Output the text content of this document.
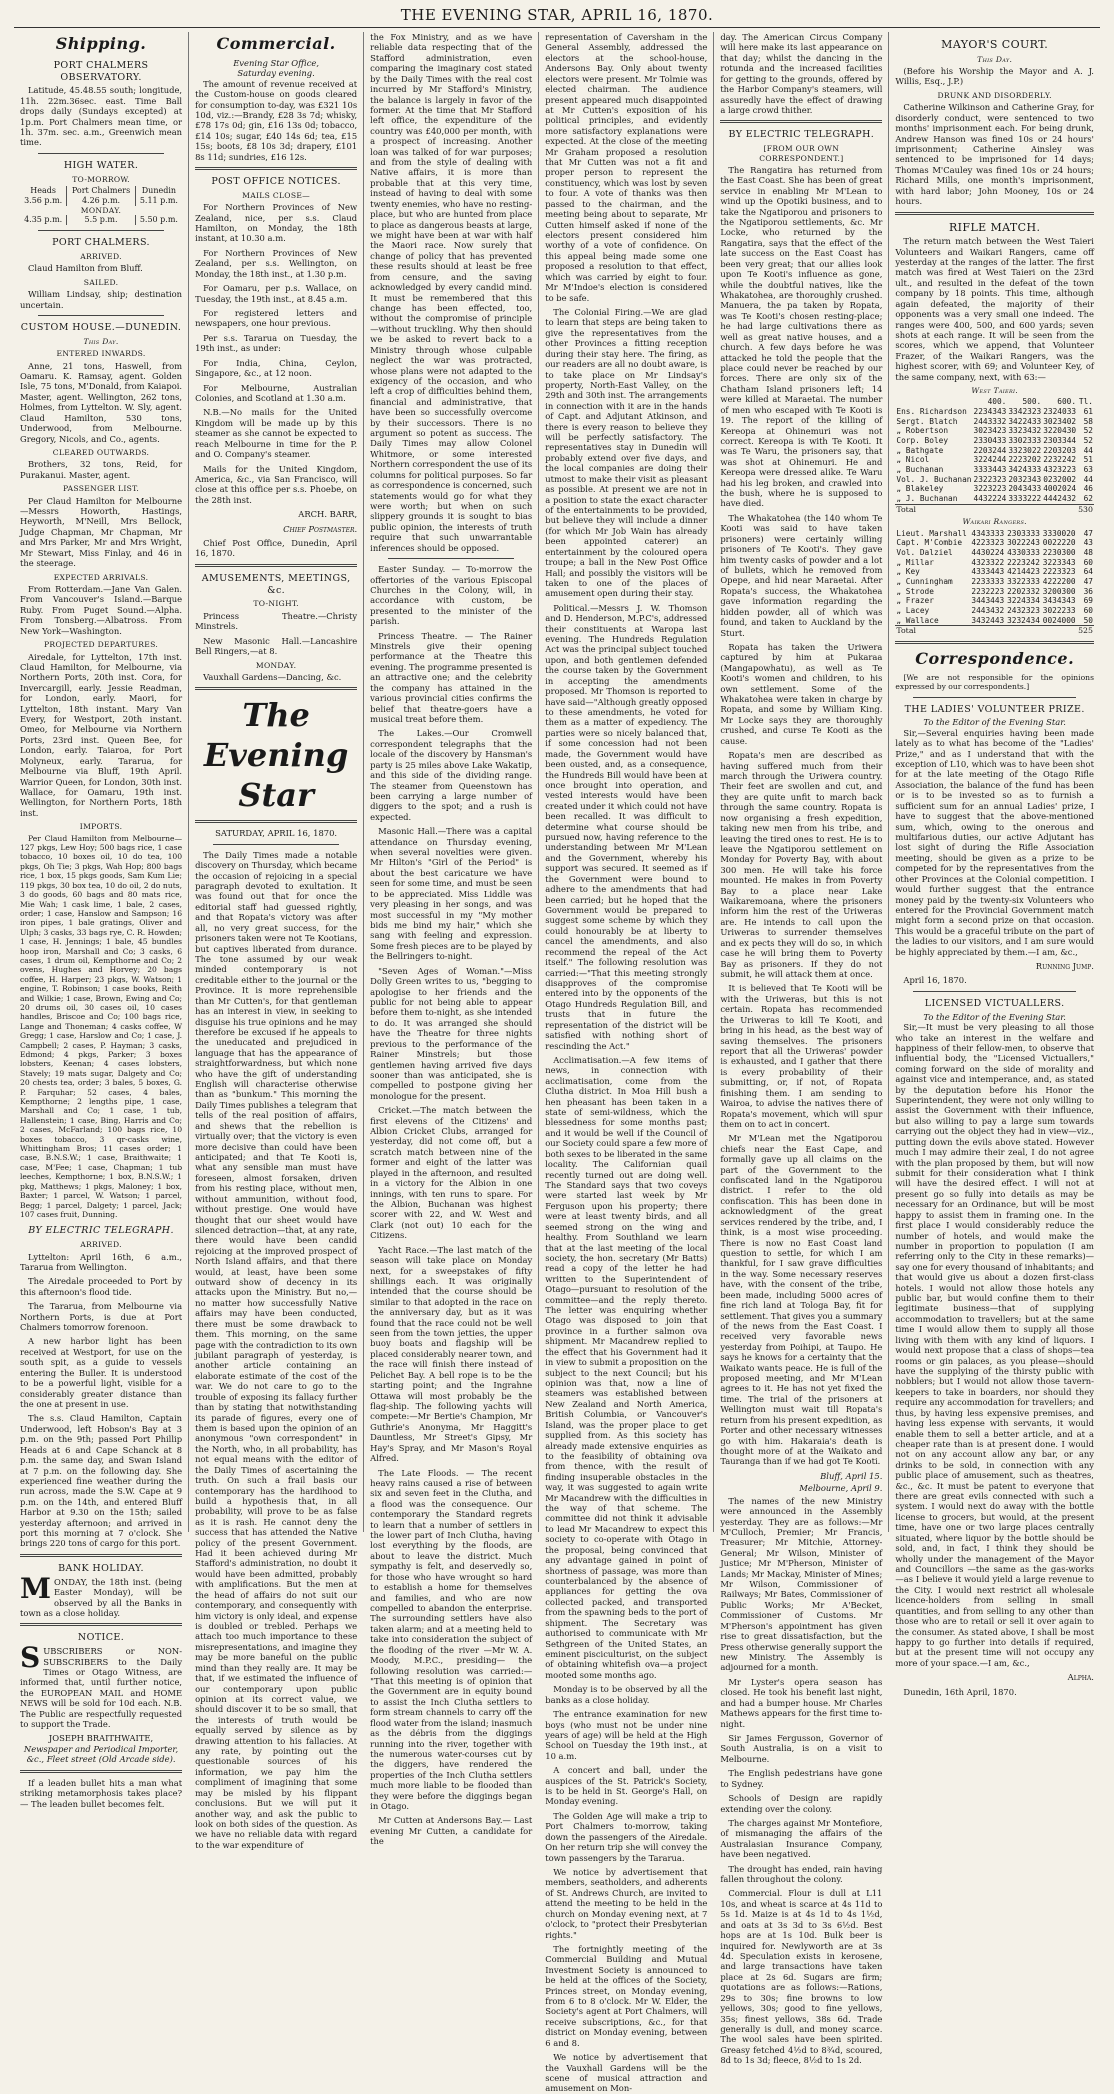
THE EVENING STAR, APRIL 16, 1870.
Shipping.
PORT CHALMERS OBSERVATORY.

Latitude, 45.48.55 south; longitude, 11h. 22m.36sec. east. Time Ball drops daily (Sundays excepted) at 1p.m. Port Chalmers mean time, or 1h. 37m. sec. a.m., Greenwich mean time.

HIGH WATER.
TO-MORROW.
Heads	Port Chalmers	Dunedin
3.56 p.m.	4.26 p.m.	5.11 p.m.
MONDAY.		
4.35 p.m.	5.5 p.m.	5.50 p.m.
PORT CHALMERS.
ARRIVED.

Claud Hamilton from Bluff.

SAILED.

William Lindsay, ship; destination uncertain.

CUSTOM HOUSE.—DUNEDIN.
This Day.
ENTERED INWARDS.

Anne, 21 tons, Haswell, from Oamaru. K. Ramsay, agent. Golden Isle, 75 tons, M'Donald, from Kaiapoi. Master, agent. Wellington, 262 tons, Holmes, from Lyttelton. W. Sly, agent. Claud Hamilton, 530 tons, Underwood, from Melbourne. Gregory, Nicols, and Co., agents.

CLEARED OUTWARDS.

Brothers, 32 tons, Reid, for Purakanui. Master, agent.

PASSENGER LIST.

Per Claud Hamilton for Melbourne—Messrs Howorth, Hastings, Heyworth, M'Neill, Mrs Bellock, Judge Chapman, Mr Chapman, Mr and Mrs Parker, Mr and Mrs Wright, Mr Stewart, Miss Finlay, and 46 in the steerage.

EXPECTED ARRIVALS.

From Rotterdam.—Jane Van Galen. From Vancouver's Island.—Barque Ruby. From Puget Sound.—Alpha. From Tonsberg.—Albatross. From New York—Washington.

PROJECTED DEPARTURES.

Airedale, for Lyttelton, 17th inst. Claud Hamilton, for Melbourne, via Northern Ports, 20th inst. Cora, for Invercargill, early. Jessie Readman, for London, early. Maori, for Lyttelton, 18th instant. Mary Van Every, for Westport, 20th instant. Omeo, for Melbourne via Northern Ports, 23rd inst. Queen Bee, for London, early. Taiaroa, for Port Molyneux, early. Tararua, for Melbourne via Bluff, 19th April. Warrior Queen, for London, 30th inst. Wallace, for Oamaru, 19th inst. Wellington, for Northern Ports, 18th inst.

IMPORTS.

Per Claud Hamilton from Melbourne—127 pkgs, Lew Hoy; 500 bags rice, 1 case tobacco, 10 boxes oil, 10 do tea, 100 pkgs, Oh Tie; 3 pkgs, Wah Hop; 800 bags rice, 1 box, 15 pkgs goods, Sam Kum Lie; 119 pkgs, 30 box tea, 10 do oil, 2 do nuts, 3 do goods, 60 bags and 80 mats rice, Mie Wah; 1 cask lime, 1 bale, 2 cases, order; 1 case, Hanslow and Sampson; 16 iron pipes, 1 bale gratings, Oliver and Ulph; 3 casks, 33 bags rye, C. R. Howden; 1 case, H. Jennings; 1 bale, 45 bundles hoop iron, Marshall and Co; 3 casks, 6 cases, 1 drum oil, Kempthorne and Co; 2 ovens, Hughes and Horvey; 20 bags coffee, H. Harper; 23 pkgs, W. Watson; 1 engine, T. Robinson; 1 case books, Reith and Wilkie; 1 case, Brown, Ewing and Co; 20 drums oil, 30 cases oil, 10 cases handles, Briscoe and Co; 100 bags rice, Lange and Thoneman; 4 casks coffee, W Gregg; 1 case, Harslow and Co; 1 case, J. Campbell; 2 cases, P. Hayman; 3 casks, Edmond; 4 pkgs, Parker; 3 boxes lobsters, Keenan; 4 cases lobsters, Stavely; 19 mats sugar, Dalgety and Co; 20 chests tea, order; 3 bales, 5 boxes, G. P. Farquhar; 52 cases, 4 bales, Kempthorne; 2 lengths pipe, 1 case, Marshall and Co; 1 case, 1 tub, Hallenstein; 1 case, Bing, Harris and Co; 2 cases, McFarland; 100 bags rice, 10 boxes tobacco, 3 qr-casks wine, Whittingham Bros; 11 cases order; 1 case, B.N.S.W.; 1 case, Braithwaite; 1 case, M'Fee; 1 case, Chapman; 1 tub leeches, Kempthorne; 1 box, B.N.S.W.; 1 pkg, Matthews; 1 pkgs, Maloney; 1 box, Baxter; 1 parcel, W. Watson; 1 parcel, Begg; 1 parcel, Dalgety; 1 parcel, Jack; 107 cases fruit, Dunning.

BY ELECTRIC TELEGRAPH.
ARRIVED.

Lyttelton: April 16th, 6 a.m., Tararua from Wellington.

The Airedale proceeded to Port by this afternoon's flood tide.

The Tararua, from Melbourne via Northern Ports, is due at Port Chalmers tomorrow forenoon.

A new harbor light has been received at Westport, for use on the south spit, as a guide to vessels entering the Buller. It is understood to be a powerful light, visible for a considerably greater distance than the one at present in use.

The s.s. Claud Hamilton, Captain Underwood, left Hobson's Bay at 3 p.m. on the 9th; passed Port Phillip Heads at 6 and Cape Schanck at 8 p.m. the same day, and Swan Island at 7 p.m. on the following day. She experienced fine weather during the run across, made the S.W. Cape at 9 p.m. on the 14th, and entered Bluff Harbor at 9.30 on the 15th; sailed yesterday afternoon; and arrived in port this morning at 7 o'clock. She brings 220 tons of cargo for this port.

BANK HOLIDAY.

MONDAY, the 18th inst. (being Easter Monday), will be observed by all the Banks in town as a close holiday.

NOTICE.

SUBSCRIBERS or NON-SUBSCRIBERS to the Daily Times or Otago Witness, are informed that, until further notice, the EUROPEAN MAIL and HOME NEWS will be sold for 10d each. N.B. The Public are respectfully requested to support the Trade.

JOSEPH BRAITHWAITE,
Newspaper and Periodical Importer, &c., Fleet street (Old Arcade side).

If a leaden bullet hits a man what striking metamorphosis takes place?— The leaden bullet becomes felt.

Commercial.
Evening Star Office,
Saturday evening.

The amount of revenue received at the Custom-house on goods cleared for consumption to-day, was £321 10s 10d, viz.:—Brandy, £28 3s 7d; whisky, £78 17s 0d; gin, £16 13s 0d; tobacco, £14 10s; sugar, £40 14s 6d; tea, £15 15s; boots, £8 10s 3d; drapery, £101 8s 11d; sundries, £16 12s.

POST OFFICE NOTICES.
MAILS CLOSE—

For Northern Provinces of New Zealand, nice, per s.s. Claud Hamilton, on Monday, the 18th instant, at 10.30 a.m.

For Northern Provinces of New Zealand, per s.s. Wellington, on Monday, the 18th inst., at 1.30 p.m.

For Oamaru, per p.s. Wallace, on Tuesday, the 19th inst., at 8.45 a.m.

For registered letters and newspapers, one hour previous.

Per s.s. Tararua on Tuesday, the 19th inst., as under:

For India, China, Ceylon, Singapore, &c., at 12 noon.

For Melbourne, Australian Colonies, and Scotland at 1.30 a.m.

N.B.—No mails for the United Kingdom will be made up by this steamer as she cannot be expected to reach Melbourne in time for the P. and O. Company's steamer.

Mails for the United Kingdom, America, &c., via San Francisco, will close at this office per s.s. Phoebe, on the 28th inst.

ARCH. BARR,
Chief Postmaster.

Chief Post Office, Dunedin, April 16, 1870.

AMUSEMENTS, MEETINGS, &c.
TO-NIGHT.

Princess Theatre.—Christy Minstrels.

New Masonic Hall.—Lancashire Bell Ringers,—at 8.

MONDAY.

Vauxhall Gardens—Dancing, &c.

The Evening Star
SATURDAY, APRIL 16, 1870.

The Daily Times made a notable discovery on Thursday, which became the occasion of rejoicing in a special paragraph devoted to exultation. It was found out that for once the editorial staff had guessed rightly, and that Ropata's victory was after all, no very great success, for the prisoners taken were not Te Kootians, but captives liberated from durance. The tone assumed by our weak minded contemporary is not creditable either to the journal or the Province. It is more reprehensible than Mr Cutten's, for that gentleman has an interest in view, in seeking to disguise his true opinions and he may therefore be excused if he appeals to the uneducated and prejudiced in language that has the appearance of straightforwardness, but which none who have the gift of understanding English will characterise otherwise than as "bunkum." This morning the Daily Times publishes a telegram that tells of the real position of affairs, and shews that the rebellion is virtually over; that the victory is even more decisive than could have been anticipated; and that Te Kooti is, what any sensible man must have foreseen, almost forsaken, driven from his resting place, without men, without ammunition, without food, without prestige. One would have thought that our sheet would have silenced detraction—that, at any rate, there would have been candid rejoicing at the improved prospect of North Island affairs, and that there would, at least, have been some outward show of decency in its attacks upon the Ministry. But no,—no matter how successfully Native affairs may have been conducted, there must be some drawback to them. This morning, on the same page with the contradiction to its own jubilant paragraph of yesterday, is another article containing an elaborate estimate of the cost of the war. We do not care to go to the trouble of exposing its fallacy further than by stating that notwithstanding its parade of figures, every one of them is based upon the opinion of an anonymous "own correspondent" in the North, who, in all probability, has not equal means with the editor of the Daily Times of ascertaining the truth. On such a frail basis our contemporary has the hardihood to build a hypothesis that, in all probability, will prove to be as false as it is rash. He cannot deny the success that has attended the Native policy of the present Government. Had it been achieved during Mr Stafford's administration, no doubt it would have been admitted, probably with amplifications. But the men at the head of affairs do not suit our contemporary, and consequently with him victory is only ideal, and expense is doubled or trebled. Perhaps we attach too much importance to these misrepresentations, and imagine they may be more baneful on the public mind than they really are. It may be that, if we estimated the influence of our contemporary upon public opinion at its correct value, we should discover it to be so small, that the interests of truth would be equally served by silence as by drawing attention to his fallacies. At any rate, by pointing out the questionable sources of his information, we pay him the compliment of imagining that some may be misled by his flippant conclusions. But we will put it another way, and ask the public to look on both sides of the question. As we have no reliable data with regard to the war expenditure of

the Fox Ministry, and as we have reliable data respecting that of the Stafford administration, even comparing the imaginary cost stated by the Daily Times with the real cost incurred by Mr Stafford's Ministry, the balance is largely in favor of the former. At the time that Mr Stafford left office, the expenditure of the country was £40,000 per month, with a prospect of increasing. Another loan was talked of for war purposes; and from the style of dealing with Native affairs, it is more than probable that at this very time, instead of having to deal with some twenty enemies, who have no resting-place, but who are hunted from place to place as dangerous beasts at large, we might have been at war with half the Maori race. Now surely that change of policy that has prevented these results should at least be free from censure, and the saving acknowledged by every candid mind. It must be remembered that this change has been effected, too, without the compromise of principle—without truckling. Why then should we be asked to revert back to a Ministry through whose culpable neglect the war was protracted, whose plans were not adapted to the exigency of the occasion, and who left a crop of difficulties behind them, financial and administrative, that have been so successfully overcome by their successors. There is no argument so potent as success. The Daily Times may allow Colonel Whitmore, or some interested Northern correspondent the use of its columns for political purposes. So far as correspondence is concerned, such statements would go for what they were worth; but when on such slippery grounds it is sought to bias public opinion, the interests of truth require that such unwarrantable inferences should be opposed.

Easter Sunday. — To-morrow the offertories of the various Episcopal Churches in the Colony, will, in accordance with custom, be presented to the minister of the parish.

Princess Theatre. — The Rainer Minstrels give their opening performance at the Theatre this evening. The programme presented is an attractive one; and the celebrity the company has attained in the various provincial cities confirms the belief that theatre-goers have a musical treat before them.

The Lakes.—Our Cromwell correspondent telegraphs that the locale of the discovery by Hansman's party is 25 miles above Lake Wakatip, and this side of the dividing range. The steamer from Queenstown has been carrying a large number of diggers to the spot; and a rush is expected.

Masonic Hall.—There was a capital attendance on Thursday evening, when several novelties were given. Mr Hilton's "Girl of the Period" is about the best caricature we have seen for some time, and must be seen to be appreciated. Miss Liddle was very pleasing in her songs, and was most successful in my "My mother bids me bind my hair," which she sang with feeling and expression. Some fresh pieces are to be played by the Bellringers to-night.

"Seven Ages of Woman."—Miss Dolly Green writes to us, "begging to apologise to her friends and the public for not being able to appear before them to-night, as she intended to do. It was arranged she should have the Theatre for three nights previous to the performance of the Rainer Minstrels; but those gentlemen having arrived five days sooner than was anticipated, she is compelled to postpone giving her monologue for the present.

Cricket.—The match between the first elevens of the Citizens' and Albion Cricket Clubs, arranged for yesterday, did not come off, but a scratch match between nine of the former and eight of the latter was played in the afternoon, and resulted in a victory for the Albion in one innings, with ten runs to spare. For the Albion, Buchanan was highest scorer with 22, and W. West and Clark (not out) 10 each for the Citizens.

Yacht Race.—The last match of the season will take place on Monday next, for a sweepstakes of fifty shillings each. It was originally intended that the course should be similar to that adopted in the race on the anniversary day, but as it was found that the race could not be well seen from the town jetties, the upper buoy boats and flagship will be placed considerably nearer town, and the race will finish there instead of Pelichet Bay. A bell rope is to be the starting point; and the Ingrahne Ottawa will most probably be the flag-ship. The following yachts will compete:—Mr Bertie's Champion, Mr Guthrie's Anonyma, Mr Haggitt's Dauntless, Mr Street's Gipsy, Mr Hay's Spray, and Mr Mason's Royal Alfred.

The Late Floods. — The recent heavy rains caused a rise of between six and seven feet in the Clutha, and a flood was the consequence. Our contemporary the Standard regrets to learn that a number of settlers in the lower part of Inch Clutha, having lost everything by the floods, are about to leave the district. Much sympathy is felt, and deservedly so, for those who have wrought so hard to establish a home for themselves and families, and who are now compelled to abandon the enterprise. The surrounding settlers have also taken alarm; and at a meeting held to take into consideration the subject of the flooding of the river —Mr W. A. Moody, M.P.C., presiding— the following resolution was carried:— "That this meeting is of opinion that the Government are in equity bound to assist the Inch Clutha settlers to form stream channels to carry off the flood water from the island; inasmuch as the débris from the diggings running into the river, together with the numerous water-courses cut by the diggers, have rendered the properties of the Inch Clutha settlers much more liable to be flooded than they were before the diggings began in Otago.

Mr Cutten at Andersons Bay.— Last evening Mr Cutten, a candidate for the

representation of Caversham in the General Assembly, addressed the electors at the school-house, Andersons Bay. Only about twenty electors were present. Mr Tolmie was elected chairman. The audience present appeared much disappointed at Mr Cutten's exposition of his political principles, and evidently more satisfactory explanations were expected. At the close of the meeting Mr Graham proposed a resolution that Mr Cutten was not a fit and proper person to represent the constituency, which was lost by seven to four. A vote of thanks was then passed to the chairman, and the meeting being about to separate, Mr Cutten himself asked if none of the electors present considered him worthy of a vote of confidence. On this appeal being made some one proposed a resolution to that effect, which was carried by eight to four. Mr M'Indoe's election is considered to be safe.

The Colonial Firing.—We are glad to learn that steps are being taken to give the representatives from the other Provinces a fitting reception during their stay here. The firing, as our readers are all no doubt aware, is to take place on Mr Lindsay's property, North-East Valley, on the 29th and 30th inst. The arrangements in connection with it are in the hands of Capt. and Adjutant Atkinson, and there is every reason to believe they will be perfectly satisfactory. The representatives stay in Dunedin will probably extend over five days, and the local companies are doing their utmost to make their visit as pleasant as possible. At present we are not in a position to state the exact character of the entertainments to be provided, but believe they will include a dinner (for which Mr Job Wain has already been appointed caterer) an entertainment by the coloured opera troupe; a ball in the New Post Office Hall; and possibly the visitors will be taken to one of the places of amusement open during their stay.

Political.—Messrs J. W. Thomson and D. Henderson, M.P.C's, addressed their constituents at Waropa last evening. The Hundreds Regulation Act was the principal subject touched upon, and both gentlemen defended the course taken by the Government in accepting the amendments proposed. Mr Thomson is reported to have said—"Although greatly opposed to these amendments, he voted for them as a matter of expediency. The parties were so nicely balanced that, if some concession had not been made, the Government would have been ousted, and, as a consequence, the Hundreds Bill would have been at once brought into operation, and vested interests would have been created under it which could not have been recalled. It was difficult to determine what course should be pursued now, having reference to the understanding between Mr M'Lean and the Government, whereby his support was secured. It seemed as if the Government were bound to adhere to the amendments that had been carried; but he hoped that the Government would be prepared to suggest some scheme by which they could honourably be at liberty to cancel the amendments, and also recommend the repeal of the Act itself." The following resolution was carried:—"That this meeting strongly disapproves of the compromise entered into by the opponents of the Otago Hundreds Regulation Bill, and trusts that in future the representation of the district will be satisfied with nothing short of rescinding the Act."

Acclimatisation.—A few items of news, in connection with acclimatisation, come from the Clutha district. In Moa Hill bush a hen pheasant has been taken in a state of semi-wildness, which the blessedness for some months past; and it would be well if the Council of our Society could spare a few more of both sexes to be liberated in the same locality. The Californian quail recently turned out are doing well. The Standard says that two coveys were started last week by Mr Ferguson upon his property; there were at least twenty birds, and all seemed strong on the wing and healthy. From Southland we learn that at the last meeting of the local society, the hon. secretary (Mr Batts) read a copy of the letter he had written to the Superintendent of Otago—pursuant to resolution of the committee—and the reply thereto. The letter was enquiring whether Otago was disposed to join that province in a further salmon ova shipment. Mr Macandrew replied to the effect that his Government had it in view to submit a proposition on the subject to the next Council; but his opinion was that, now a line of steamers was established between New Zealand and North America, British Columbia, or Vancouver's Island, was the proper place to get supplied from. As this society has already made extensive enquiries as to the feasibility of obtaining ova from thence, with the result of finding insuperable obstacles in the way, it was suggested to again write Mr Macandrew with the difficulties in the way of that scheme. The committee did not think it advisable to lead Mr Macandrew to expect this society to co-operate with Otago in the proposal, being convinced that any advantage gained in point of shortness of passage, was more than counterbalanced by the absence of appliances for getting the ova collected packed, and transported from the spawning beds to the port of shipment. The Secretary was authorised to communicate with Mr Sethgreen of the United States, an eminent pisciculturist, on the subject of obtaining whitefish ova—a project mooted some months ago.

Monday is to be observed by all the banks as a close holiday.

The entrance examination for new boys (who must not be under nine years of age) will be held at the High School on Tuesday the 19th inst., at 10 a.m.

A concert and ball, under the auspices of the St. Patrick's Society, is to be held in St. George's Hall, on Monday evening.

The Golden Age will make a trip to Port Chalmers to-morrow, taking down the passengers of the Airedale. On her return trip she will convey the town passengers by the Tararua.

We notice by advertisement that members, seatholders, and adherents of St. Andrews Church, are invited to attend the meeting to be held in the church on Monday evening next, at 7 o'clock, to "protect their Presbyterian rights."

The fortnightly meeting of the Commercial Building and Mutual Investment Society is announced to be held at the offices of the Society, Princes street, on Monday evening, from 6 to 8 o'clock. Mr W. Elder, the Society's agent at Port Chalmers, will receive subscriptions, &c., for that district on Monday evening, between 6 and 8.

We notice by advertisement that the Vauxhall Gardens will be the scene of musical attraction and amusement on Mon-

day. The American Circus Company will here make its last appearance on that day; whilst the dancing in the rotunda and the increased facilities for getting to the grounds, offered by the Harbor Company's steamers, will assuredly have the effect of drawing a large crowd thither.

BY ELECTRIC TELEGRAPH.
[FROM OUR OWN CORRESPONDENT.]

The Rangatira has returned from the East Coast. She has been of great service in enabling Mr M'Lean to wind up the Opotiki business, and to take the Ngatiporou and prisoners to the Ngatiporou settlements, &c. Mr Locke, who returned by the Rangatira, says that the effect of the late success on the East Coast has been very great; that our allies look upon Te Kooti's influence as gone, while the doubtful natives, like the Whakatohea, are thoroughly crushed. Manuera, the pa taken by Ropata, was Te Kooti's chosen resting-place; he had large cultivations there as well as great native houses, and a church. A few days before he was attacked he told the people that the place could never be reached by our forces. There are only six of the Chatham Island prisoners left; 14 were killed at Maraetai. The number of men who escaped with Te Kooti is 19. The report of the killing of Kereopa at Ohinemuri was not correct. Kereopa is with Te Kooti. It was Te Waru, the prisoners say, that was shot at Ohinemuri. He and Kereopa were dressed alike. Te Waru had his leg broken, and crawled into the bush, where he is supposed to have died.

The Whakatohea (the 140 whom Te Kooti was said to have taken prisoners) were certainly willing prisoners of Te Kooti's. They gave him twenty casks of powder and a lot of bullets, which he removed from Opepe, and hid near Maraetai. After Ropata's success, the Whakatohea gave information regarding the hidden powder, all of which was found, and taken to Auckland by the Sturt.

Ropata has taken the Uriwera captured by him at Pukaraa (Mangapowhatu), as well as Te Kooti's women and children, to his own settlement. Some of the Whakatohea were taken in charge by Ropata, and some by William King. Mr Locke says they are thoroughly crushed, and curse Te Kooti as the cause.

Ropata's men are described as having suffered much from their march through the Uriwera country. Their feet are swollen and cut, and they are quite unfit to march back through the same country. Ropata is now organising a fresh expedition, taking new men from his tribe, and leaving the tired ones to rest. He is to leave the Ngatiporou settlement on Monday for Poverty Bay, with about 300 men. He will take his force mounted. He makes in from Poverty Bay to a place near Lake Waikaremoana, where the prisoners inform him the rest of the Uriweras are. He intends to call upon the Uriweras to surrender themselves and ex pects they will do so, in which case he will bring them to Poverty Bay as prisoners. If they do not submit, he will attack them at once.

It is believed that Te Kooti will be with the Uriweras, but this is not certain. Ropata has recommended the Uriweras to kill Te Kooti, and bring in his head, as the best way of saving themselves. The prisoners report that all the Uriweras' powder is exhausted, and I gather that there is every probability of their submitting, or, if not, of Ropata finishing them. I am sending to Wairoa, to advise the natives there of Ropata's movement, which will spur them on to act in concert.

Mr M'Lean met the Ngatiporou chiefs near the East Cape, and formally gave up all claims on the part of the Government to the confiscated land in the Ngatiporou district. I refer to the old confiscation. This has been done in acknowledgment of the great services rendered by the tribe, and, I think, is a most wise proceeding. There is now no East Coast land question to settle, for which I am thankful, for I saw grave difficulties in the way. Some necessary reserves have, with the consent of the tribe, been made, including 5000 acres of fine rich land at Tologa Bay, fit for settlement. That gives you a summary of the news from the East Coast. I received very favorable news yesterday from Poihipi, at Taupo. He says he knows for a certainty that the Waikato wants peace. He is full of the proposed meeting, and Mr M'Lean agrees to it. He has not yet fixed the time. The trial of the prisoners at Wellington must wait till Ropata's return from his present expedition, as Porter and other necessary witnesses go with him. Hakaraia's death is thought more of at the Waikato and Tauranga than if we had got Te Kooti.

Bluff, April 15.
Melbourne, April 9.

The names of the new Ministry were announced in the Assembly yesterday. They are as follows:—Mr M'Culloch, Premier; Mr Francis, Treasurer; Mr Mitchie, Attorney-General; Mr Wilson, Minister of Justice; Mr M'Pherson, Minister of Lands; Mr Mackay, Minister of Mines; Mr Wilson, Commissioner of Railways; Mr Bates, Commissioner of Public Works; Mr A'Becket, Commissioner of Customs. Mr M'Pherson's appointment has given rise to great dissatisfaction, but the Press otherwise generally support the new Ministry. The Assembly is adjourned for a month.

Mr Lyster's opera season has closed. He took his benefit last night, and had a bumper house. Mr Charles Mathews appears for the first time to-night.

Sir James Fergusson, Governor of South Australia, is on a visit to Melbourne.

The English pedestrians have gone to Sydney.

Schools of Design are rapidly extending over the colony.

The charges against Mr Montefiore, of mismanaging the affairs of the Australasian Insurance Company, have been negatived.

The drought has ended, rain having fallen throughout the colony.

Commercial. Flour is dull at L11 10s, and wheat is scarce at 4s 11d to 5s 1d. Maize is at 4s 1d to 4s 1½d, and oats at 3s 3d to 3s 6½d. Best hops are at 1s 10d. Bulk beer is inquired for. Newlyworth are at 3s 4d. Speculation exists in kerosene, and large transactions have taken place at 2s 6d. Sugars are firm; quotations are as follows:—Rations, 29s to 30s; fine browns to low yellows, 30s; good to fine yellows, 35s; finest yellows, 38s 6d. Trade generally is dull, and money scarce. The wool sales have been spirited. Greasy fetched 4½d to 8¾d, scoured, 8d to 1s 3d; fleece, 8½d to 1s 2d.

MAYOR'S COURT.
This Day.

(Before his Worship the Mayor and A. J. Willis, Esq., J.P.)

DRUNK AND DISORDERLY.

Catherine Wilkinson and Catherine Gray, for disorderly conduct, were sentenced to two months' imprisonment each. For being drunk, Andrew Hanson was fined 10s or 24 hours' imprisonment; Catherine Ainsley was sentenced to be imprisoned for 14 days; Thomas M'Cauley was fined 10s or 24 hours; Richard Mills, one month's imprisonment, with hard labor; John Mooney, 10s or 24 hours.

RIFLE MATCH.

The return match between the West Taieri Volunteers and Waikari Rangers, came off yesterday at the ranges of the latter. The first match was fired at West Taieri on the 23rd ult., and resulted in the defeat of the town company by 18 points. This time, although again defeated, the majority of their opponents was a very small one indeed. The ranges were 400, 500, and 600 yards; seven shots at each range. It will be seen from the scores, which we append, that Volunteer Frazer, of the Waikari Rangers, was the highest scorer, with 69; and Volunteer Key, of the same company, next, with 63:—

West Taieri.
	400.	500.	600.	Tl.
Ens. Richardson	2234343	3342323	2324033	61
Sergt. Blatch	2443332	3422433	3023402	58
„ Robertson	3023423	3323432	3220430	52
Corp. Boley	2330433	3302333	2303344	52
„ Bathgate	2203244	3323022	2203203	44
„ Nicol	3224244	2223202	2232242	51
„ Buchanan	3333443	3424333	4323223	63
Vol. J. Buchanan	2322323	2032343	0232002	44
„ Blakeley	3223223	2043433	4002024	46
„ J. Buchanan	4432224	3333222	4442432	62
Total				530
Waikari Rangers.
Lieut. Marshall	4343333	2303333	3330020	47
Capt. M'Combie	4223323	3022243	0022220	43
Vol. Dalziel	4430224	4330333	2230300	48
„ Millar	4323322	2223242	3223343	60
„ Key	4333443	4214423	2223323	64
„ Cunningham	2233333	3322333	4222200	47
„ Strode	2232223	2202332	3200300	36
„ Frazer	3443443	3224334	3434343	69
„ Lacey	2443432	2432323	3022233	60
„ Wallace	3432443	3232434	0024000	50
Total				525
Correspondence.

[We are not responsible for the opinions expressed by our correspondents.]

THE LADIES' VOLUNTEER PRIZE.
To the Editor of the Evening Star.

Sir,—Several enquiries having been made lately as to what has become of the "Ladies' Prize," and as I understand that with the exception of L10, which was to have been shot for at the late meeting of the Otago Rifle Association, the balance of the fund has been or is to be invested so as to furnish a sufficient sum for an annual Ladies' prize, I have to suggest that the above-mentioned sum, which, owing to the onerous and multifarious duties, our active Adjutant has lost sight of during the Rifle Association meeting, should be given as a prize to be competed for by the representatives from the other Provinces at the Colonial competition. I would further suggest that the entrance money paid by the twenty-six Volunteers who entered for the Provincial Government match might form a second prize on that occasion. This would be a graceful tribute on the part of the ladies to our visitors, and I am sure would be highly appreciated by them.—I am, &c.,

Running Jump.

April 16, 1870.

LICENSED VICTUALLERS.
To the Editor of the Evening Star.

Sir,—It must be very pleasing to all those who take an interest in the welfare and happiness of their fellow-men, to observe that influential body, the "Licensed Victuallers," coming forward on the side of morality and against vice and intemperance, and, as stated by the deputation before his Honor the Superintendent, they were not only willing to assist the Government with their influence, but also willing to pay a large sum towards carrying out the object they had in view—viz., putting down the evils above stated. However much I may admire their zeal, I do not agree with the plan proposed by them, but will now submit for their consideration what I think will have the desired effect. I will not at present go so fully into details as may be necessary for an Ordinance, but will be most happy to assist them in framing one. In the first place I would considerably reduce the number of hotels, and would make the number in proportion to population (I am referring only to the City in these remarks)—say one for every thousand of inhabitants; and that would give us about a dozen first-class hotels. I would not allow those hotels any public bar, but would confine them to their legitimate business—that of supplying accommodation to travellers; but at the same time I would allow them to supply all those living with them with any kind of liquors. I would next propose that a class of shops—tea rooms or gin palaces, as you please—should have the supplying of the thirsty public with nobblers; but I would not allow those tavern-keepers to take in boarders, nor should they require any accommodation for travellers; and thus, by having less expensive premises, and having less expense with servants, it would enable them to sell a better article, and at a cheaper rate than is at present done. I would not on any account allow any bar, or any drinks to be sold, in connection with any public place of amusement, such as theatres, &c., &c. It must be patent to everyone that there are great evils connected with such a system. I would next do away with the bottle license to grocers, but would, at the present time, have one or two large places centrally situated, where liquor by the bottle should be sold, and, in fact, I think they should be wholly under the management of the Mayor and Councillors —the same as the gas-works—as I believe it would yield a large revenue to the City. I would next restrict all wholesale licence-holders from selling in small quantities, and from selling to any other than those who are to retail or sell it over again to the consumer. As stated above, I shall be most happy to go further into details if required, but at the present time will not occupy any more of your space.—I am, &c.,

Alpha.

Dunedin, 16th April, 1870.
